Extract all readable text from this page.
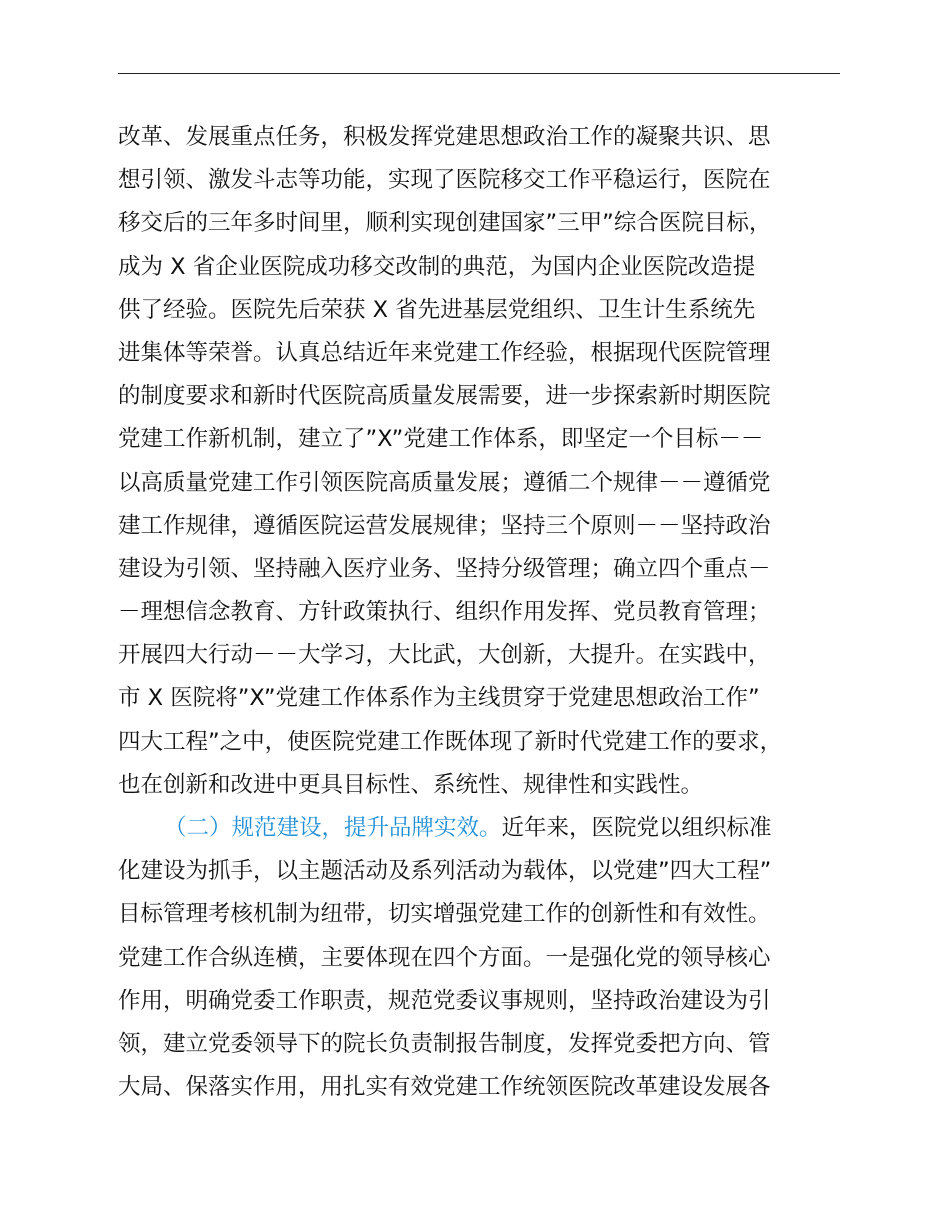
改革、发展重点任务，积极发挥党建思想政治工作的凝聚共识、思
想引领、激发斗志等功能，实现了医院移交工作平稳运行，医院在
移交后的三年多时间里，顺利实现创建国家”三甲”综合医院目标，
成为 X 省企业医院成功移交改制的典范，为国内企业医院改造提
供了经验。医院先后荣获 X 省先进基层党组织、卫生计生系统先
进集体等荣誉。认真总结近年来党建工作经验，根据现代医院管理
的制度要求和新时代医院高质量发展需要，进一步探索新时期医院
党建工作新机制，建立了”X”党建工作体系，即坚定一个目标－－
以高质量党建工作引领医院高质量发展；遵循二个规律－－遵循党
建工作规律，遵循医院运营发展规律；坚持三个原则－－坚持政治
建设为引领、坚持融入医疗业务、坚持分级管理；确立四个重点－
－理想信念教育、方针政策执行、组织作用发挥、党员教育管理；
开展四大行动－－大学习，大比武，大创新，大提升。在实践中，
市 X 医院将”X”党建工作体系作为主线贯穿于党建思想政治工作”
四大工程”之中，使医院党建工作既体现了新时代党建工作的要求，
也在创新和改进中更具目标性、系统性、规律性和实践性。
（二）规范建设，提升品牌实效。近年来，医院党以组织标准
化建设为抓手，以主题活动及系列活动为载体，以党建”四大工程”
目标管理考核机制为纽带，切实增强党建工作的创新性和有效性。
党建工作合纵连横，主要体现在四个方面。一是强化党的领导核心
作用，明确党委工作职责，规范党委议事规则，坚持政治建设为引
领，建立党委领导下的院长负责制报告制度，发挥党委把方向、管
大局、保落实作用，用扎实有效党建工作统领医院改革建设发展各
